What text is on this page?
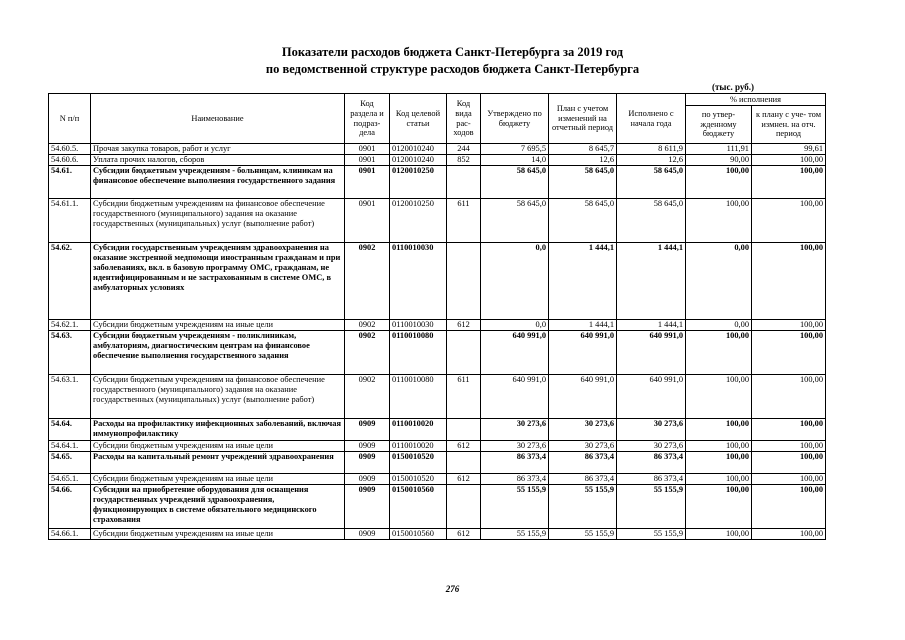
Показатели расходов бюджета Санкт-Петербурга за 2019 год
по ведомственной структуре расходов бюджета Санкт-Петербурга
(тыс. руб.)
N п/п	Наименование	Код раздела и подраз- дела	Код целевой статьи	Код вида рас- ходов	Утверждено по бюджету	План с учетом изменений на отчетный период	Исполнено с начала года	% исполнения	
								по утвер- жденному бюджету	к плану с уче- том измнен. на отч. период
54.60.5.	Прочая закупка товаров, работ и услуг	0901	0120010240	244	7 695,5	8 645,7	8 611,9	111,91	99,61
54.60.6.	Уплата прочих налогов, сборов	0901	0120010240	852	14,0	12,6	12,6	90,00	100,00
54.61.	Субсидии бюджетным учреждениям - больницам, клиникам на финансовое обеспечение выполнения государственного задания	0901	0120010250		58 645,0	58 645,0	58 645,0	100,00	100,00
54.61.1.	Субсидии бюджетным учреждениям на финансовое обеспечение государственного (муниципального) задания на оказание государственных (муниципальных) услуг (выполнение работ)	0901	0120010250	611	58 645,0	58 645,0	58 645,0	100,00	100,00
54.62.	Субсидии государственным учреждениям здравоохранения на оказание экстренной медпомощи иностранным гражданам и при заболеваниях, вкл. в базовую программу ОМС, гражданам, не идентифицированным и не застрахованным в системе ОМС, в амбулаторных условиях	0902	0110010030		0,0	1 444,1	1 444,1	0,00	100,00
54.62.1.	Субсидии бюджетным учреждениям на иные цели	0902	0110010030	612	0,0	1 444,1	1 444,1	0,00	100,00
54.63.	Субсидии бюджетным учреждениям - поликлиникам, амбулаториям, диагностическим центрам на финансовое обеспечение выполнения государственного задания	0902	0110010080		640 991,0	640 991,0	640 991,0	100,00	100,00
54.63.1.	Субсидии бюджетным учреждениям на финансовое обеспечение государственного (муниципального) задания на оказание государственных (муниципальных) услуг (выполнение работ)	0902	0110010080	611	640 991,0	640 991,0	640 991,0	100,00	100,00
54.64.	Расходы на профилактику инфекционных заболеваний, включая иммунопрофилактику	0909	0110010020		30 273,6	30 273,6	30 273,6	100,00	100,00
54.64.1.	Субсидии бюджетным учреждениям на иные цели	0909	0110010020	612	30 273,6	30 273,6	30 273,6	100,00	100,00
54.65.	Расходы на капитальный ремонт учреждений здравоохранения	0909	0150010520		86 373,4	86 373,4	86 373,4	100,00	100,00
54.65.1.	Субсидии бюджетным учреждениям на иные цели	0909	0150010520	612	86 373,4	86 373,4	86 373,4	100,00	100,00
54.66.	Субсидии на приобретение оборудования для оснащения государственных учреждений здравоохранения, функционирующих в системе обязательного медицинского страхования	0909	0150010560		55 155,9	55 155,9	55 155,9	100,00	100,00
54.66.1.	Субсидии бюджетным учреждениям на иные цели	0909	0150010560	612	55 155,9	55 155,9	55 155,9	100,00	100,00
276
